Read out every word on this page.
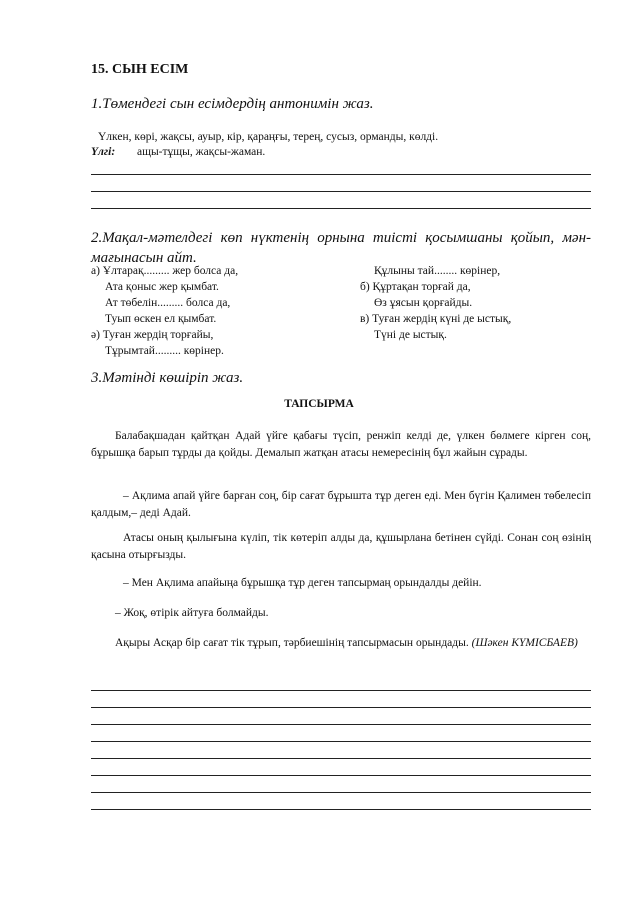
15. СЫН ЕСІМ
1.Төмендегі сын есімдердің антонимін жаз.
Үлкен, көрі, жақсы, ауыр, кір, қараңғы, терең, сусыз, орманды, көлді.
Үлгі: ащы-тұщы, жақсы-жаман.
2.Мақал-мәтелдегі көп нүктенің орнына тиісті қосымшаны қойып, мән-
мағынасын айт.
а) Ұлтарақ......... жер болса да,
Ата қоныс жер қымбат.
Ат төбелін......... болса да,
Туып өскен ел қымбат.
ә) Туған жердің торғайы,
Тұрымтай......... көрінер.
Құлыны тай........ көрінер,
б) Құртақан торғай да,
Өз ұясын қорғайды.
в) Туған жердің күні де ыстық,
Түні де ыстық.
3.Мәтінді көшіріп жаз.
ТАПСЫРМА
Балабақшадан қайтқан Адай үйге қабағы түсіп, ренжіп келді де, үлкен бөлмеге кірген соң, бұрышқа барып тұрды да қойды. Демалып жатқан атасы немересінің бұл жайын сұрады.
– Ақлима апай үйге барған соң, бір сағат бұрышта тұр деген еді. Мен бүгін Қалимен төбелесіп қалдым,– деді Адай.
Атасы оның қылығына күліп, тік көтеріп алды да, құшырлана бетінен сүйді. Сонан соң өзінің қасына отырғызды.
– Мен Ақлима апайыңа бұрышқа тұр деген тапсырмаң орындалды дейін.
– Жоқ, өтірік айтуға болмайды.
Ақыры Асқар бір сағат тік тұрып, тәрбиешінің тапсырмасын орындады. (Шәкен КҮМІСБАЕВ)
